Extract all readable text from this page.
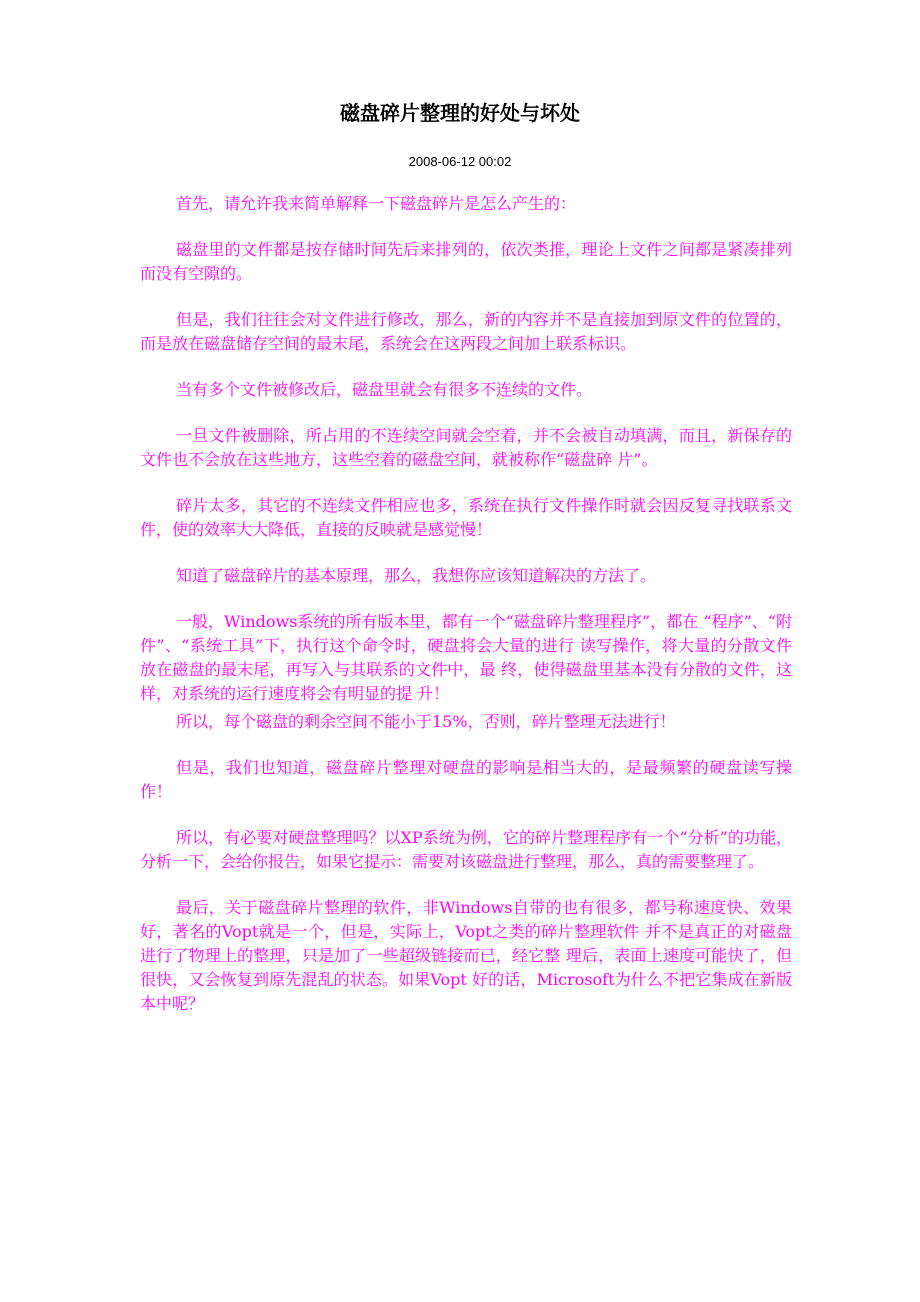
磁盘碎片整理的好处与坏处
2008-06-12 00:02

首先，请允许我来简单解释一下磁盘碎片是怎么产生的：

磁盘里的文件都是按存储时间先后来排列的，依次类推，理论上文件之间都是紧凑排列而没有空隙的。

但是，我们往往会对文件进行修改，那么，新的内容并不是直接加到原文件的位置的，而是放在磁盘储存空间的最末尾，系统会在这两段之间加上联系标识。

当有多个文件被修改后，磁盘里就会有很多不连续的文件。

一旦文件被删除，所占用的不连续空间就会空着，并不会被自动填满，而且，新保存的文件也不会放在这些地方，这些空着的磁盘空间，就被称作“磁盘碎 片”。

碎片太多，其它的不连续文件相应也多，系统在执行文件操作时就会因反复寻找联系文件，使的效率大大降低，直接的反映就是感觉慢！

知道了磁盘碎片的基本原理，那么，我想你应该知道解决的方法了。

一般，Windows系统的所有版本里，都有一个“磁盘碎片整理程序”，都在 “程序”、“附件”、“系统工具”下，执行这个命令时，硬盘将会大量的进行 读写操作，将大量的分散文件放在磁盘的最末尾，再写入与其联系的文件中，最 终，使得磁盘里基本没有分散的文件，这样，对系统的运行速度将会有明显的提 升！

所以，每个磁盘的剩余空间不能小于15%，否则，碎片整理无法进行！

但是，我们也知道，磁盘碎片整理对硬盘的影响是相当大的，是最频繁的硬盘读写操作！

所以，有必要对硬盘整理吗？以XP系统为例，它的碎片整理程序有一个“分析”的功能，分析一下，会给你报告，如果它提示：需要对该磁盘进行整理，那么，真的需要整理了。

最后，关于磁盘碎片整理的软件，非Windows自带的也有很多，都号称速度快、效果好，著名的Vopt就是一个，但是，实际上，Vopt之类的碎片整理软件 并不是真正的对磁盘进行了物理上的整理，只是加了一些超级链接而已，经它整 理后，表面上速度可能快了，但很快，又会恢复到原先混乱的状态。如果Vopt 好的话，Microsoft为什么不把它集成在新版本中呢？
